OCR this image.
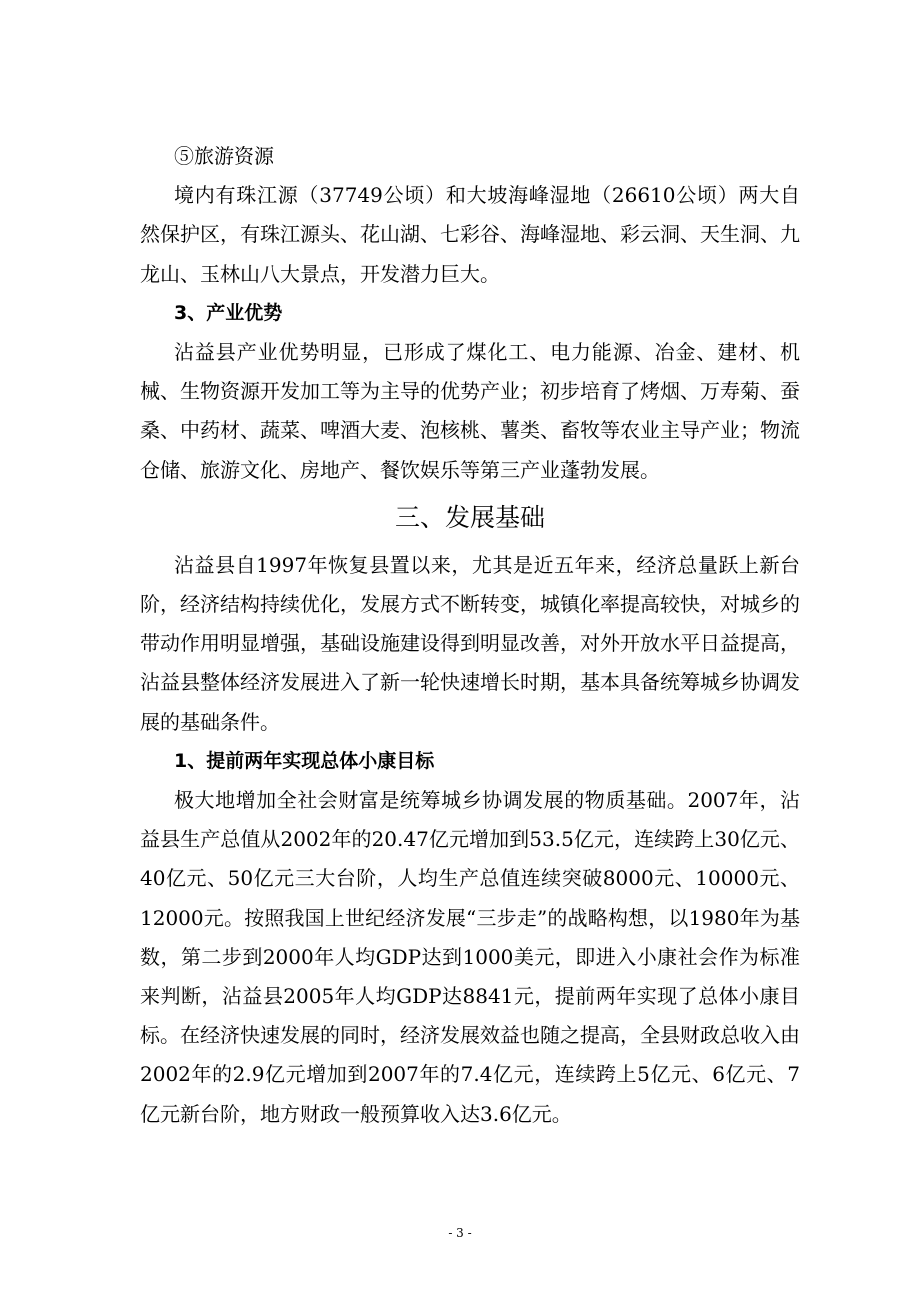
⑤旅游资源

境内有珠江源（37749公顷）和大坡海峰湿地（26610公顷）两大自然保护区，有珠江源头、花山湖、七彩谷、海峰湿地、彩云洞、天生洞、九龙山、玉林山八大景点，开发潜力巨大。

3、产业优势

沾益县产业优势明显，已形成了煤化工、电力能源、冶金、建材、机械、生物资源开发加工等为主导的优势产业；初步培育了烤烟、万寿菊、蚕桑、中药材、蔬菜、啤酒大麦、泡核桃、薯类、畜牧等农业主导产业；物流仓储、旅游文化、房地产、餐饮娱乐等第三产业蓬勃发展。

三、发展基础

沾益县自1997年恢复县置以来，尤其是近五年来，经济总量跃上新台阶，经济结构持续优化，发展方式不断转变，城镇化率提高较快，对城乡的带动作用明显增强，基础设施建设得到明显改善，对外开放水平日益提高，沾益县整体经济发展进入了新一轮快速增长时期，基本具备统筹城乡协调发展的基础条件。

1、提前两年实现总体小康目标

极大地增加全社会财富是统筹城乡协调发展的物质基础。2007年，沾益县生产总值从2002年的20.47亿元增加到53.5亿元，连续跨上30亿元、40亿元、50亿元三大台阶，人均生产总值连续突破8000元、10000元、12000元。按照我国上世纪经济发展“三步走”的战略构想，以1980年为基数，第二步到2000年人均GDP达到1000美元，即进入小康社会作为标准来判断，沾益县2005年人均GDP达8841元，提前两年实现了总体小康目标。在经济快速发展的同时，经济发展效益也随之提高，全县财政总收入由2002年的2.9亿元增加到2007年的7.4亿元，连续跨上5亿元、6亿元、7亿元新台阶，地方财政一般预算收入达3.6亿元。

- 3 -
